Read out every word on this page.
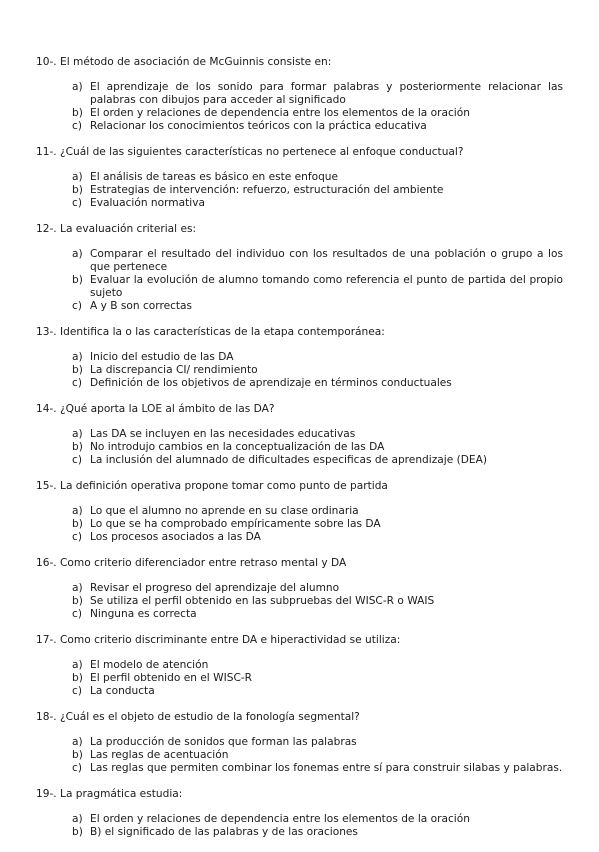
10-. El método de asociación de McGuinnis consiste en:
a) El aprendizaje de los sonido para formar palabras y posteriormente relacionar las palabras con dibujos para acceder al significado
b) El orden y relaciones de dependencia entre los elementos de la oración
c) Relacionar los conocimientos teóricos con la práctica educativa
11-. ¿Cuál de las siguientes características no pertenece al enfoque conductual?
a) El análisis de tareas es básico en este enfoque
b) Estrategias de intervención: refuerzo, estructuración del ambiente
c) Evaluación normativa
12-. La evaluación criterial es:
a) Comparar el resultado del individuo con los resultados de una población o grupo a los que pertenece
b) Evaluar la evolución de alumno tomando como referencia el punto de partida del propio sujeto
c) A y B son correctas
13-. Identifica la o las características de la etapa contemporánea:
a) Inicio del estudio de las DA
b) La discrepancia CI/ rendimiento
c) Definición de los objetivos de aprendizaje en términos conductuales
14-. ¿Qué aporta la LOE al ámbito de las DA?
a) Las DA se incluyen en las necesidades educativas
b) No introdujo cambios en la conceptualización de las DA
c) La inclusión del alumnado de dificultades especificas de aprendizaje (DEA)
15-. La definición operativa propone tomar como punto de partida
a) Lo que el alumno no aprende en su clase ordinaria
b) Lo que se ha comprobado empíricamente sobre las DA
c) Los procesos asociados a las DA
16-. Como criterio diferenciador entre retraso mental y DA
a) Revisar el progreso del aprendizaje del alumno
b) Se utiliza el perfil obtenido en las subpruebas del WISC-R o WAIS
c) Ninguna es correcta
17-. Como criterio discriminante entre DA e hiperactividad se utiliza:
a) El modelo de atención
b) El perfil obtenido en el WISC-R
c) La conducta
18-. ¿Cuál es el objeto de estudio de la fonología segmental?
a) La producción de sonidos que forman las palabras
b) Las reglas de acentuación
c) Las reglas que permiten combinar los fonemas entre sí para construir silabas y palabras.
19-. La pragmática estudia:
a) El orden y relaciones de dependencia entre los elementos de la oración
b) B) el significado de las palabras y de las oraciones
